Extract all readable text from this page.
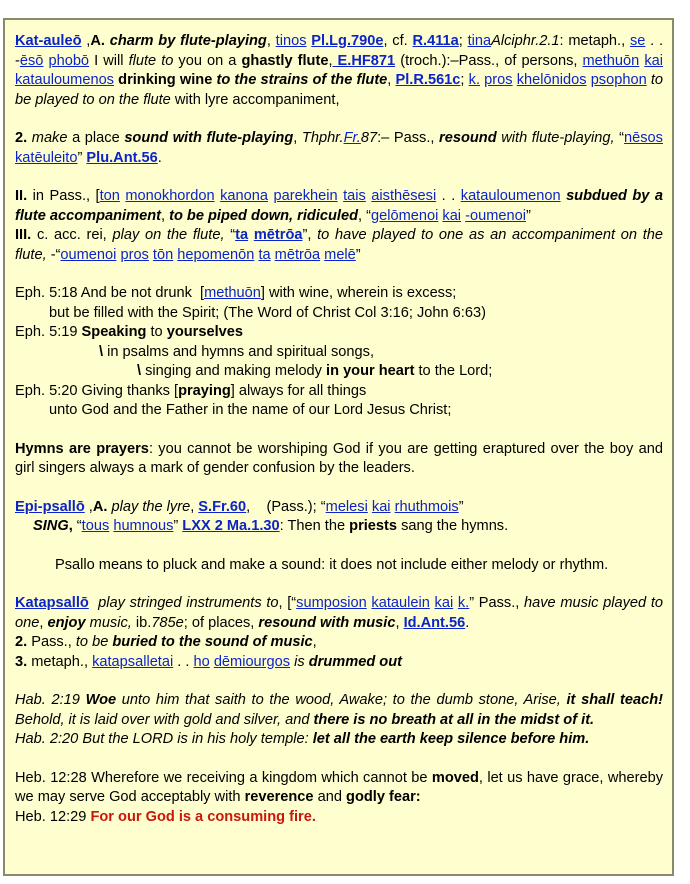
Kat-auleō ,A. charm by flute-playing, tinos Pl.Lg.790e, cf. R.411a; tinaAlciphr.2.1: metaph., se . . -ēsō phobō I will flute to you on a ghastly flute, E.HF871 (troch.):–Pass., of persons, methuōn kai katauloumenos drinking wine to the strains of the flute, Pl.R.561c; k. pros khelōnidos psophon to be played to on the flute with lyre accompaniment,

2. make a place sound with flute-playing, Thphr.Fr.87:– Pass., resound with flute-playing, “nēsos katēuleito” Plu.Ant.56.

II. in Pass., [ton monokhordon kanona parekhein tais aisthēsesi . . katauloumenon subdued by a flute accompaniment, to be piped down, ridiculed, “gelōmenoi kai -oumenoi”

III. c. acc. rei, play on the flute, “ta mētrōa”, to have played to one as an accompaniment on the flute, -“oumenoi pros tōn hepomenōn ta mētrōa melē”

Eph. 5:18 And be not drunk  [methuōn] with wine, wherein is excess;

but be filled with the Spirit; (The Word of Christ Col 3:16; John 6:63)

Eph. 5:19 Speaking to yourselves

\ in psalms and hymns and spiritual songs,

\ singing and making melody in your heart to the Lord;

Eph. 5:20 Giving thanks [praying] always for all things

unto God and the Father in the name of our Lord Jesus Christ;

Hymns are prayers: you cannot be worshiping God if you are getting eraptured over the boy and girl singers always a mark of gender confusion by the leaders.

Epi-psallō ,A. play the lyre, S.Fr.60,    (Pass.); “melesi kai rhuthmois”

SING, “tous humnous” LXX 2 Ma.1.30: Then the priests sang the hymns.

Psallo means to pluck and make a sound: it does not include either melody or rhythm.

Katapsallō play stringed instruments to, [“sumposion kataulein kai k.” Pass., have music played to one, enjoy music, ib.785e; of places, resound with music, Id.Ant.56.

2. Pass., to be buried to the sound of music,

3. metaph., katapsalletai . . ho dēmiourgos is drummed out

Hab. 2:19 Woe unto him that saith to the wood, Awake; to the dumb stone, Arise, it shall teach! Behold, it is laid over with gold and silver, and there is no breath at all in the midst of it.

Hab. 2:20 But the LORD is in his holy temple: let all the earth keep silence before him.

Heb. 12:28 Wherefore we receiving a kingdom which cannot be moved, let us have grace, whereby we may serve God acceptably with reverence and godly fear:

Heb. 12:29 For our God is a consuming fire.
